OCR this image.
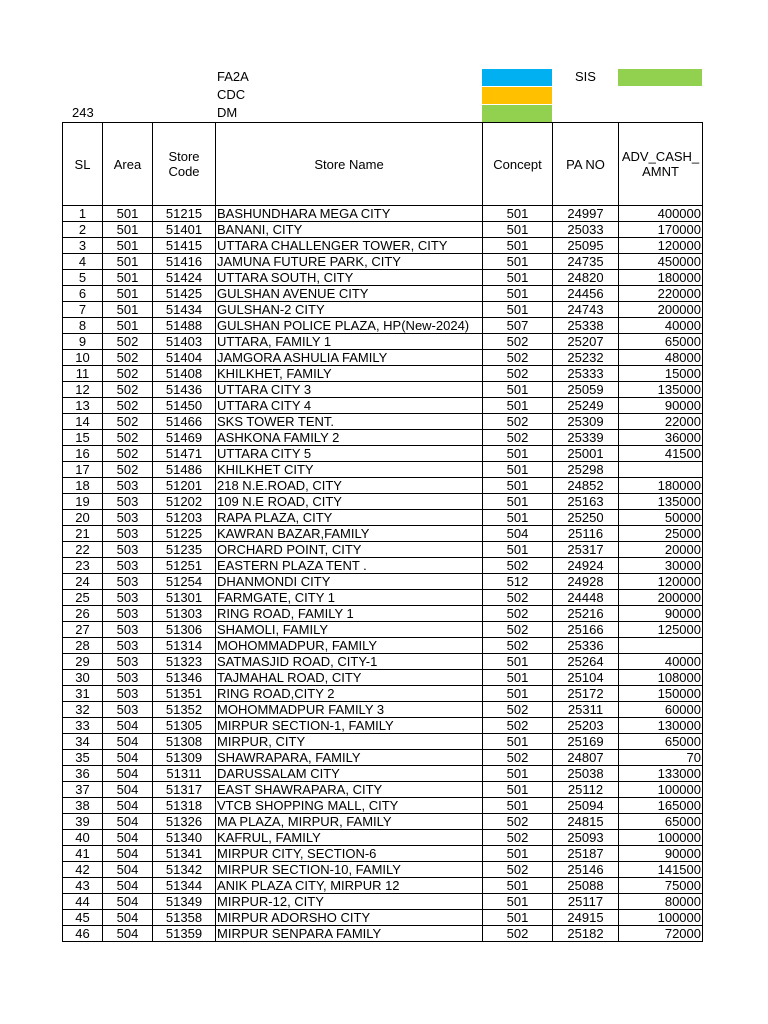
FA2A
CDC
DM
243
SIS
SL	Area	Store Code	Store Name	Concept	PA NO	ADV_CASH_ AMNT
1	501	51215	BASHUNDHARA MEGA CITY	501	24997	400000
2	501	51401	BANANI, CITY	501	25033	170000
3	501	51415	UTTARA CHALLENGER TOWER, CITY	501	25095	120000
4	501	51416	JAMUNA FUTURE PARK, CITY	501	24735	450000
5	501	51424	UTTARA SOUTH, CITY	501	24820	180000
6	501	51425	GULSHAN AVENUE CITY	501	24456	220000
7	501	51434	GULSHAN-2 CITY	501	24743	200000
8	501	51488	GULSHAN POLICE PLAZA, HP(New-2024)	507	25338	40000
9	502	51403	UTTARA, FAMILY 1	502	25207	65000
10	502	51404	JAMGORA ASHULIA FAMILY	502	25232	48000
11	502	51408	KHILKHET, FAMILY	502	25333	15000
12	502	51436	UTTARA CITY 3	501	25059	135000
13	502	51450	UTTARA CITY 4	501	25249	90000
14	502	51466	SKS TOWER TENT.	502	25309	22000
15	502	51469	ASHKONA FAMILY 2	502	25339	36000
16	502	51471	UTTARA CITY 5	501	25001	41500
17	502	51486	KHILKHET CITY	501	25298	
18	503	51201	218 N.E.ROAD, CITY	501	24852	180000
19	503	51202	109 N.E ROAD, CITY	501	25163	135000
20	503	51203	RAPA PLAZA, CITY	501	25250	50000
21	503	51225	KAWRAN BAZAR,FAMILY	504	25116	25000
22	503	51235	ORCHARD POINT, CITY	501	25317	20000
23	503	51251	EASTERN PLAZA TENT .	502	24924	30000
24	503	51254	DHANMONDI CITY	512	24928	120000
25	503	51301	FARMGATE, CITY 1	502	24448	200000
26	503	51303	RING ROAD, FAMILY 1	502	25216	90000
27	503	51306	SHAMOLI, FAMILY	502	25166	125000
28	503	51314	MOHOMMADPUR, FAMILY	502	25336	
29	503	51323	SATMASJID ROAD, CITY-1	501	25264	40000
30	503	51346	TAJMAHAL ROAD, CITY	501	25104	108000
31	503	51351	RING ROAD,CITY 2	501	25172	150000
32	503	51352	MOHOMMADPUR FAMILY 3	502	25311	60000
33	504	51305	MIRPUR SECTION-1, FAMILY	502	25203	130000
34	504	51308	MIRPUR, CITY	501	25169	65000
35	504	51309	SHAWRAPARA, FAMILY	502	24807	70
36	504	51311	DARUSSALAM CITY	501	25038	133000
37	504	51317	EAST SHAWRAPARA, CITY	501	25112	100000
38	504	51318	VTCB SHOPPING MALL, CITY	501	25094	165000
39	504	51326	MA PLAZA, MIRPUR, FAMILY	502	24815	65000
40	504	51340	KAFRUL, FAMILY	502	25093	100000
41	504	51341	MIRPUR CITY, SECTION-6	501	25187	90000
42	504	51342	MIRPUR SECTION-10, FAMILY	502	25146	141500
43	504	51344	ANIK PLAZA CITY, MIRPUR 12	501	25088	75000
44	504	51349	MIRPUR-12, CITY	501	25117	80000
45	504	51358	MIRPUR ADORSHO CITY	501	24915	100000
46	504	51359	MIRPUR SENPARA FAMILY	502	25182	72000
